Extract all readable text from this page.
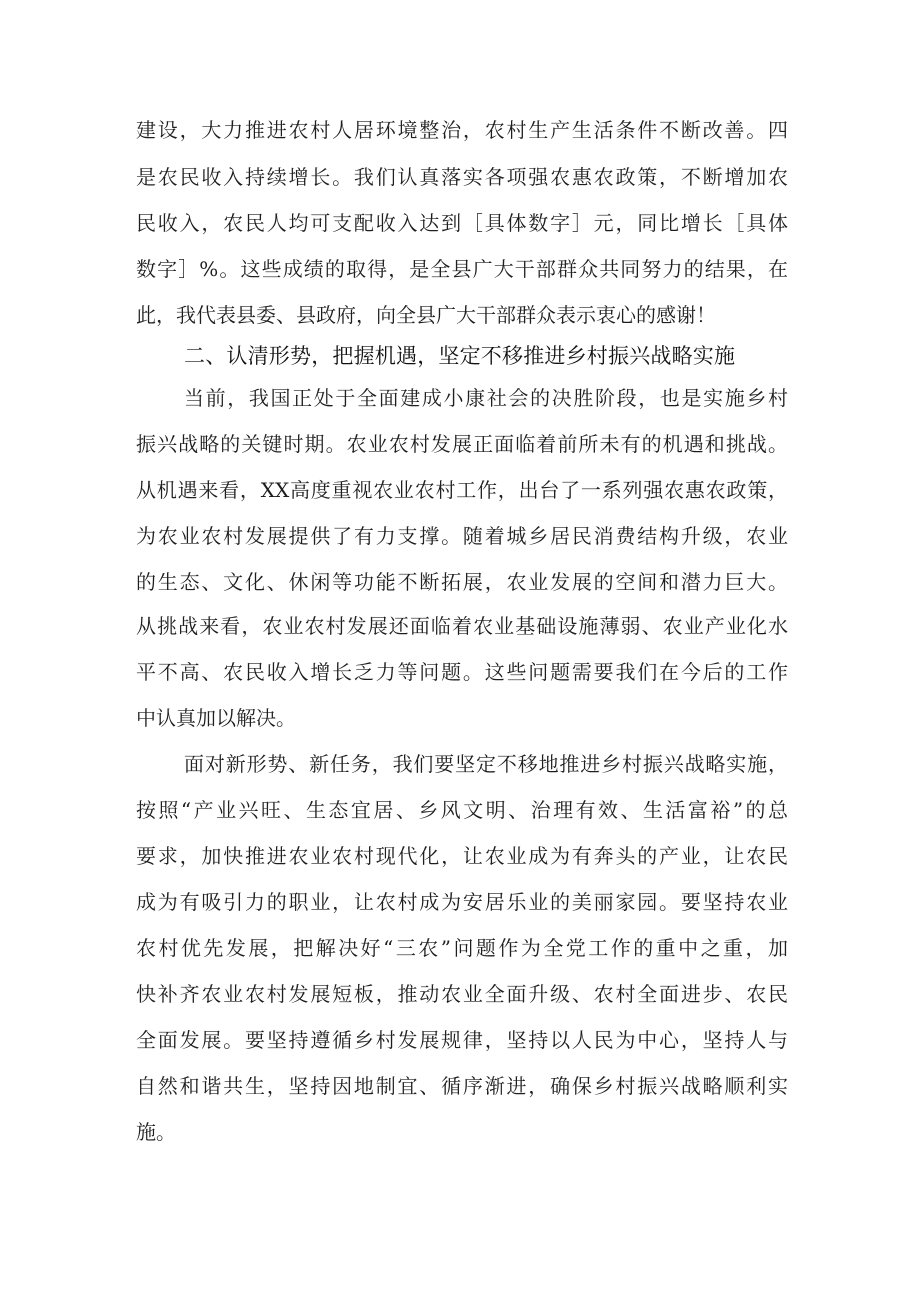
建设，大力推进农村人居环境整治，农村生产生活条件不断改善。四
是农民收入持续增长。我们认真落实各项强农惠农政策，不断增加农
民收入，农民人均可支配收入达到［具体数字］元，同比增长［具体
数字］%。这些成绩的取得，是全县广大干部群众共同努力的结果，在
此，我代表县委、县政府，向全县广大干部群众表示衷心的感谢！
二、认清形势，把握机遇，坚定不移推进乡村振兴战略实施
当前，我国正处于全面建成小康社会的决胜阶段，也是实施乡村
振兴战略的关键时期。农业农村发展正面临着前所未有的机遇和挑战。
从机遇来看，XX高度重视农业农村工作，出台了一系列强农惠农政策，
为农业农村发展提供了有力支撑。随着城乡居民消费结构升级，农业
的生态、文化、休闲等功能不断拓展，农业发展的空间和潜力巨大。
从挑战来看，农业农村发展还面临着农业基础设施薄弱、农业产业化水
平不高、农民收入增长乏力等问题。这些问题需要我们在今后的工作
中认真加以解决。
面对新形势、新任务，我们要坚定不移地推进乡村振兴战略实施，
按照“产业兴旺、生态宜居、乡风文明、治理有效、生活富裕”的总
要求，加快推进农业农村现代化，让农业成为有奔头的产业，让农民
成为有吸引力的职业，让农村成为安居乐业的美丽家园。要坚持农业
农村优先发展，把解决好“三农”问题作为全党工作的重中之重，加
快补齐农业农村发展短板，推动农业全面升级、农村全面进步、农民
全面发展。要坚持遵循乡村发展规律，坚持以人民为中心，坚持人与
自然和谐共生，坚持因地制宜、循序渐进，确保乡村振兴战略顺利实
施。
